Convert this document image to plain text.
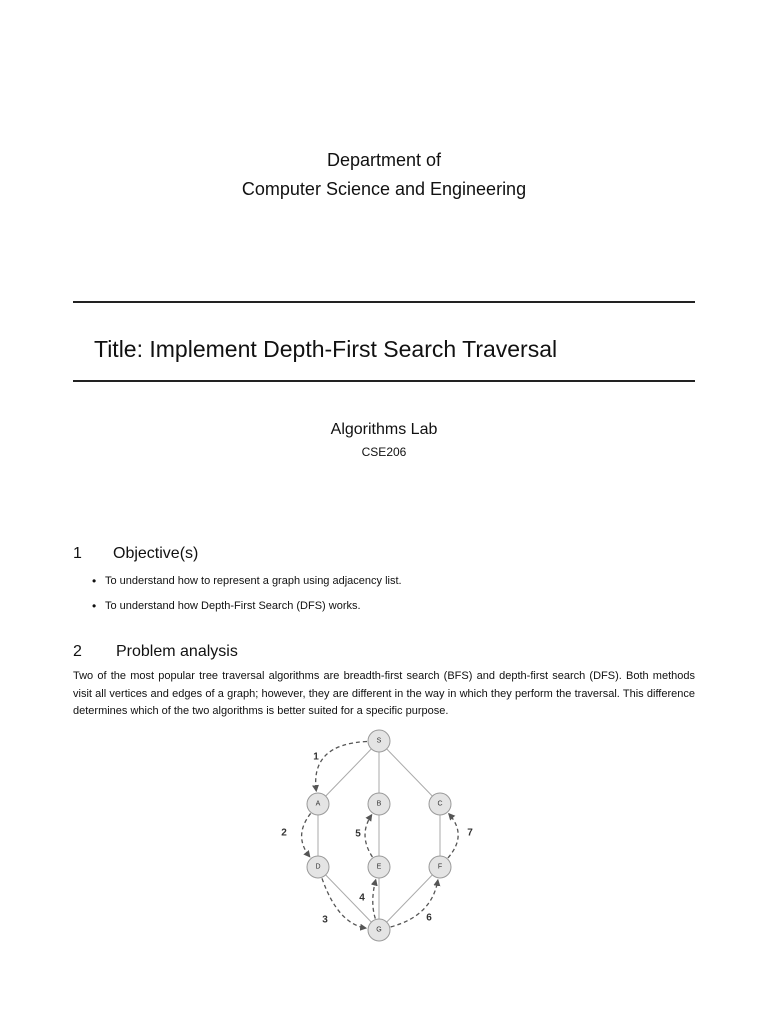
Department of
Computer Science and Engineering
Title: Implement Depth-First Search Traversal
Algorithms Lab
CSE206
1 Objective(s)
• To understand how to represent a graph using adjacency list.
• To understand how Depth-First Search (DFS) works.
2 Problem analysis

Two of the most popular tree traversal algorithms are breadth-first search (BFS) and depth-first search (DFS). Both methods visit all vertices and edges of a graph; however, they are different in the way in which they perform the traversal. This difference determines which of the two algorithms is better suited for a specific purpose.

1
2
3
4
5
6
7
S
A	B	C
D	E	F
G
